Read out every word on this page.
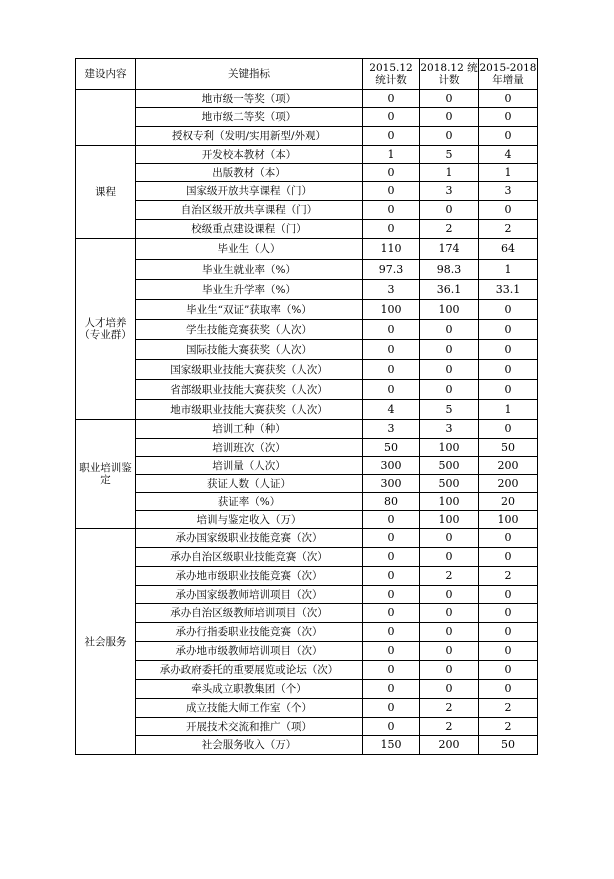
建设内容	关键指标	2015.12 统计数	2018.12 统计数	2015-2018 年增量
	地市级一等奖（项）	0	0	0
	地市级二等奖（项）	0	0	0
	授权专利（发明/实用新型/外观）	0	0	0
课程	开发校本教材（本）	1	5	4
	出版教材（本）	0	1	1
	国家级开放共享课程（门）	0	3	3
	自治区级开放共享课程（门）	0	0	0
	校级重点建设课程（门）	0	2	2
人才培养（专业群）	毕业生（人）	110	174	64
	毕业生就业率（%）	97.3	98.3	1
	毕业生升学率（%）	3	36.1	33.1
	毕业生“双证”获取率（%）	100	100	0
	学生技能竞赛获奖（人次）	0	0	0
	国际技能大赛获奖（人次）	0	0	0
	国家级职业技能大赛获奖（人次）	0	0	0
	省部级职业技能大赛获奖（人次）	0	0	0
	地市级职业技能大赛获奖（人次）	4	5	1
职业培训鉴定	培训工种（种）	3	3	0
	培训班次（次）	50	100	50
	培训量（人次）	300	500	200
	获证人数（人证）	300	500	200
	获证率（%）	80	100	20
	培训与鉴定收入（万）	0	100	100
社会服务	承办国家级职业技能竞赛（次）	0	0	0
	承办自治区级职业技能竞赛（次）	0	0	0
	承办地市级职业技能竞赛（次）	0	2	2
	承办国家级教师培训项目（次）	0	0	0
	承办自治区级教师培训项目（次）	0	0	0
	承办行指委职业技能竞赛（次）	0	0	0
	承办地市级教师培训项目（次）	0	0	0
	承办政府委托的重要展览或论坛（次）	0	0	0
	牵头成立职教集团（个）	0	0	0
	成立技能大师工作室（个）	0	2	2
	开展技术交流和推广（项）	0	2	2
	社会服务收入（万）	150	200	50
